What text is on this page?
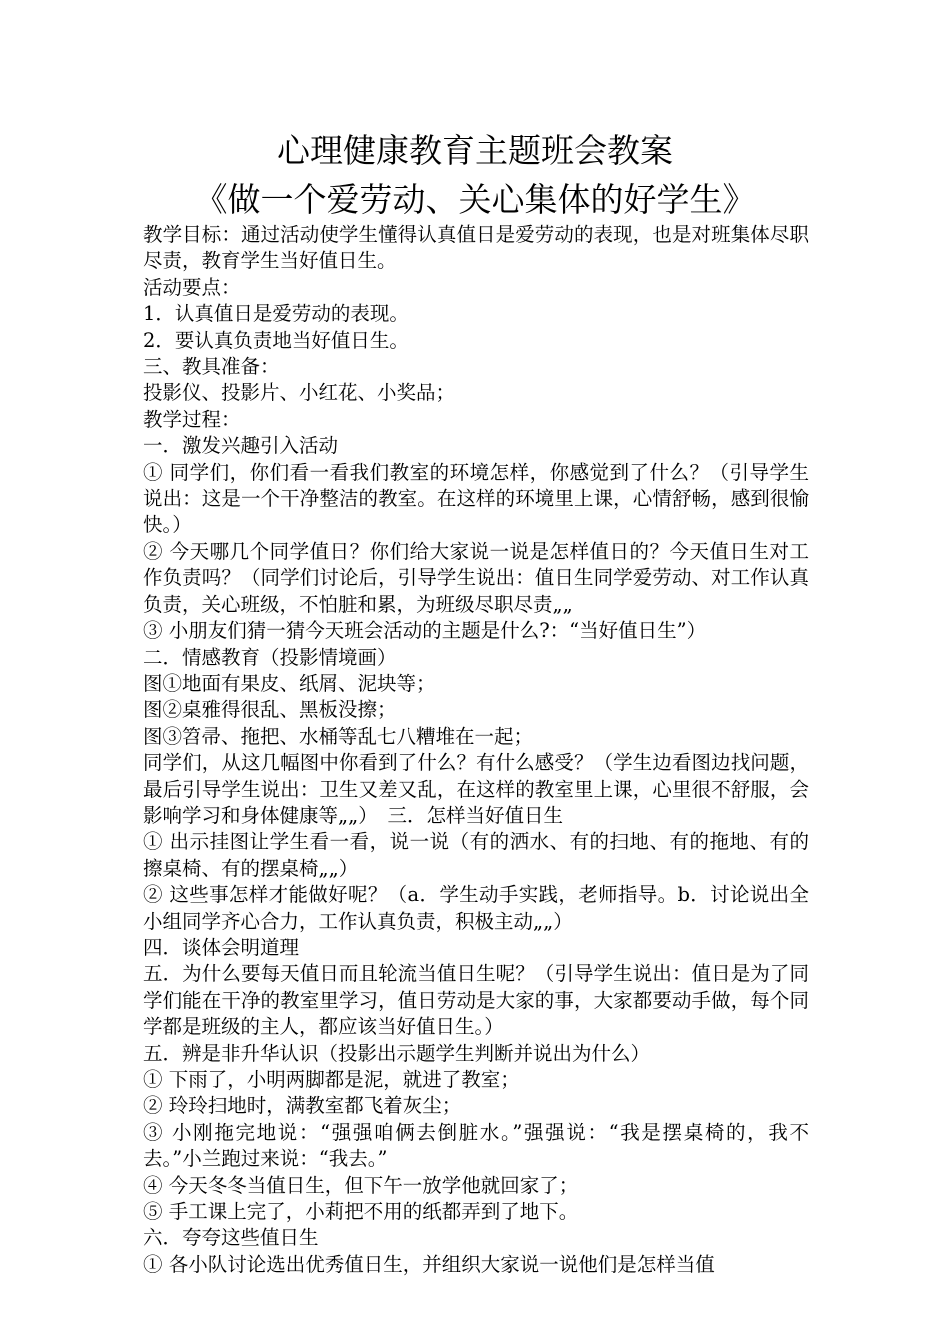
心理健康教育主题班会教案
《做一个爱劳动、关心集体的好学生》

教学目标：通过活动使学生懂得认真值日是爱劳动的表现，也是对班集体尽职尽责，教育学生当好值日生。

活动要点：

1．认真值日是爱劳动的表现。

2．要认真负责地当好值日生。

三、教具准备：

投影仪、投影片、小红花、小奖品；

教学过程：

一．激发兴趣引入活动

① 同学们，你们看一看我们教室的环境怎样，你感觉到了什么？（引导学生说出：这是一个干净整洁的教室。在这样的环境里上课，心情舒畅，感到很愉快。）

② 今天哪几个同学值日？你们给大家说一说是怎样值日的？今天值日生对工作负责吗？（同学们讨论后，引导学生说出：值日生同学爱劳动、对工作认真负责，关心班级，不怕脏和累，为班级尽职尽责„„

③ 小朋友们猜一猜今天班会活动的主题是什么?：“当好值日生”）

二．情感教育（投影情境画）

图①地面有果皮、纸屑、泥块等；

图②桌雅得很乱、黑板没擦；

图③笤帚、拖把、水桶等乱七八糟堆在一起；

同学们，从这几幅图中你看到了什么？有什么感受？（学生边看图边找问题，最后引导学生说出：卫生又差又乱，在这样的教室里上课，心里很不舒服，会影响学习和身体健康等„„）　三．怎样当好值日生

① 出示挂图让学生看一看，说一说（有的洒水、有的扫地、有的拖地、有的擦桌椅、有的摆桌椅„„）

② 这些事怎样才能做好呢？（a．学生动手实践，老师指导。b．讨论说出全小组同学齐心合力，工作认真负责，积极主动„„）

四．谈体会明道理

五．为什么要每天值日而且轮流当值日生呢？（引导学生说出：值日是为了同学们能在干净的教室里学习，值日劳动是大家的事，大家都要动手做，每个同学都是班级的主人，都应该当好值日生。）

五．辨是非升华认识（投影出示题学生判断并说出为什么）

① 下雨了，小明两脚都是泥，就进了教室；

② 玲玲扫地时，满教室都飞着灰尘；

③ 小刚拖完地说：“强强咱俩去倒脏水。”强强说：“我是摆桌椅的，我不去。”小兰跑过来说：“我去。”

④ 今天冬冬当值日生，但下午一放学他就回家了；

⑤ 手工课上完了，小莉把不用的纸都弄到了地下。

六．夸夸这些值日生

① 各小队讨论选出优秀值日生，并组织大家说一说他们是怎样当值
